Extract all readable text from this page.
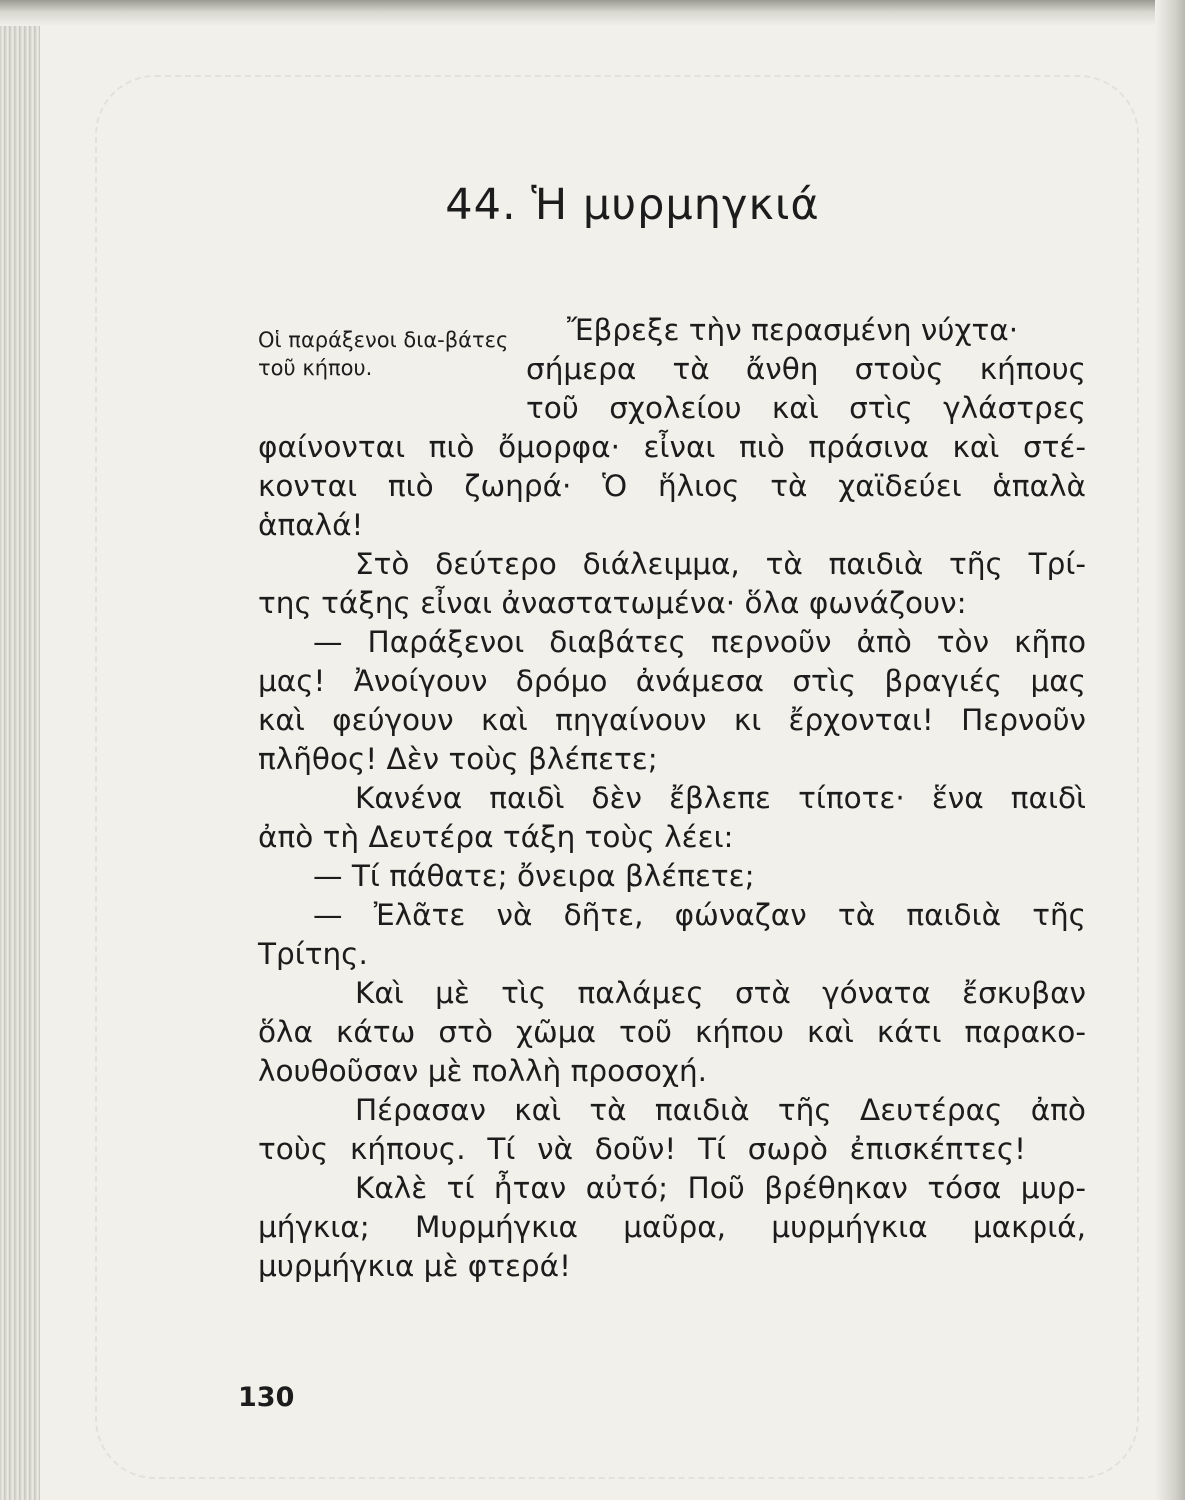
44. Ἡ μυρμηγκιά
Οἱ παράξενοι δια-βάτες τοῦ κήπου.
Ἔβρεξε τὴν περασμένη νύχτα·
σήμερα τὰ ἄνθη στοὺς κήπους
τοῦ σχολείου καὶ στὶς γλάστρες
φαίνονται πιὸ ὄμορφα· εἶναι πιὸ πράσινα καὶ στέ-
κονται πιὸ ζωηρά· Ὁ ἥλιος τὰ χαϊδεύει ἁπαλὰ
ἁπαλά!
Στὸ δεύτερο διάλειμμα, τὰ παιδιὰ τῆς Τρί-
της τάξης εἶναι ἀναστατωμένα· ὅλα φωνάζουν:
— Παράξενοι διαβάτες περνοῦν ἀπὸ τὸν κῆπο
μας! Ἀνοίγουν δρόμο ἀνάμεσα στὶς βραγιές μας
καὶ φεύγουν καὶ πηγαίνουν κι ἔρχονται! Περνοῦν
πλῆθος! Δὲν τοὺς βλέπετε;
Κανένα παιδὶ δὲν ἔβλεπε τίποτε· ἕνα παιδὶ
ἀπὸ τὴ Δευτέρα τάξη τοὺς λέει:
— Τί πάθατε; ὄνειρα βλέπετε;
— Ἐλᾶτε νὰ δῆτε, φώναζαν τὰ παιδιὰ τῆς
Τρίτης.
Καὶ μὲ τὶς παλάμες στὰ γόνατα ἔσκυβαν
ὅλα κάτω στὸ χῶμα τοῦ κήπου καὶ κάτι παρακο-
λουθοῦσαν μὲ πολλὴ προσοχή.
Πέρασαν καὶ τὰ παιδιὰ τῆς Δευτέρας ἀπὸ
τοὺς κήπους. Τί νὰ δοῦν! Τί σωρὸ ἐπισκέπτες!
Καλὲ τί ἦταν αὐτό; Ποῦ βρέθηκαν τόσα μυρ-
μήγκια; Μυρμήγκια μαῦρα, μυρμήγκια μακριά,
μυρμήγκια μὲ φτερά!
130
